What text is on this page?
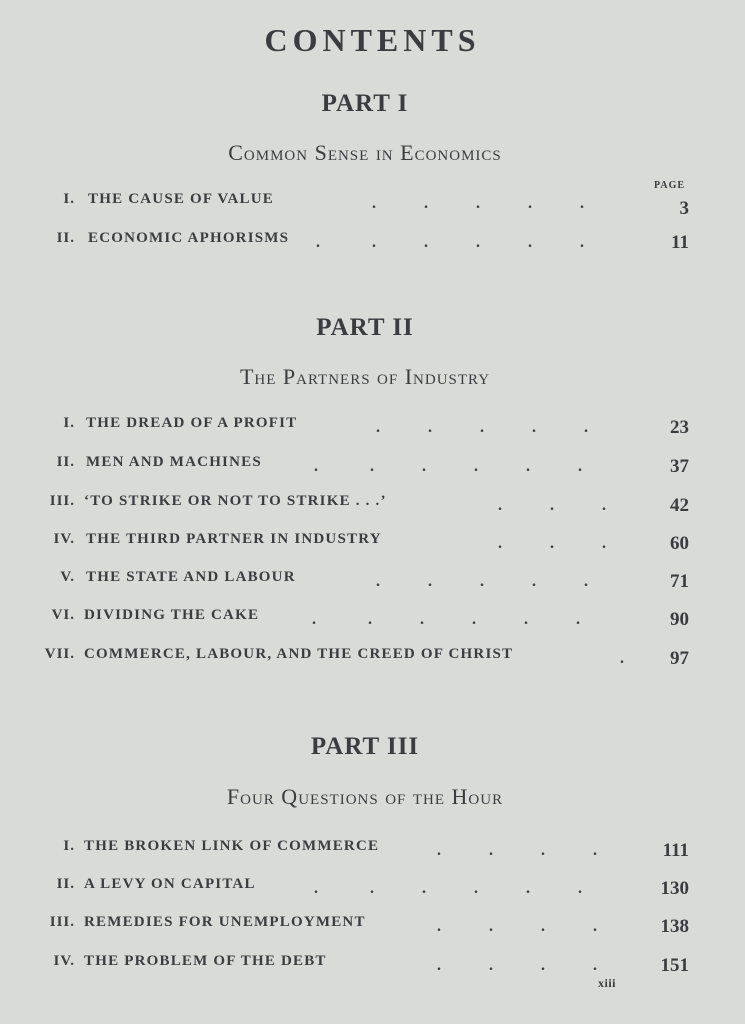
CONTENTS
PART I
Common Sense in Economics
PAGE
I. THE CAUSE OF VALUE	.            .            .            .            .	3
II. ECONOMIC APHORISMS .             .            .            .            .            .	11
PART II
The Partners of Industry
I. THE DREAD OF A PROFIT	.            .            .            .            .	23
II. MEN AND MACHINES	.             .            .            .            .            .	37
III. ‘TO STRIKE OR NOT TO STRIKE . . .’	.            .            .	42
IV. THE THIRD PARTNER IN INDUSTRY	.            .            .	60
V. THE STATE AND LABOUR	.            .            .            .            .	71
VI. DIVIDING THE CAKE	.             .            .            .            .            .	90
VII. COMMERCE, LABOUR, AND THE CREED OF CHRIST	. 97
PART III
Four Questions of the Hour
I. THE BROKEN LINK OF COMMERCE	.            .            .            .	111
II. A LEVY ON CAPITAL	.             .            .            .            .            .	130
III. REMEDIES FOR UNEMPLOYMENT	.            .            .            .	138
IV. THE PROBLEM OF THE DEBT	.            .            .            .	151
xiii
